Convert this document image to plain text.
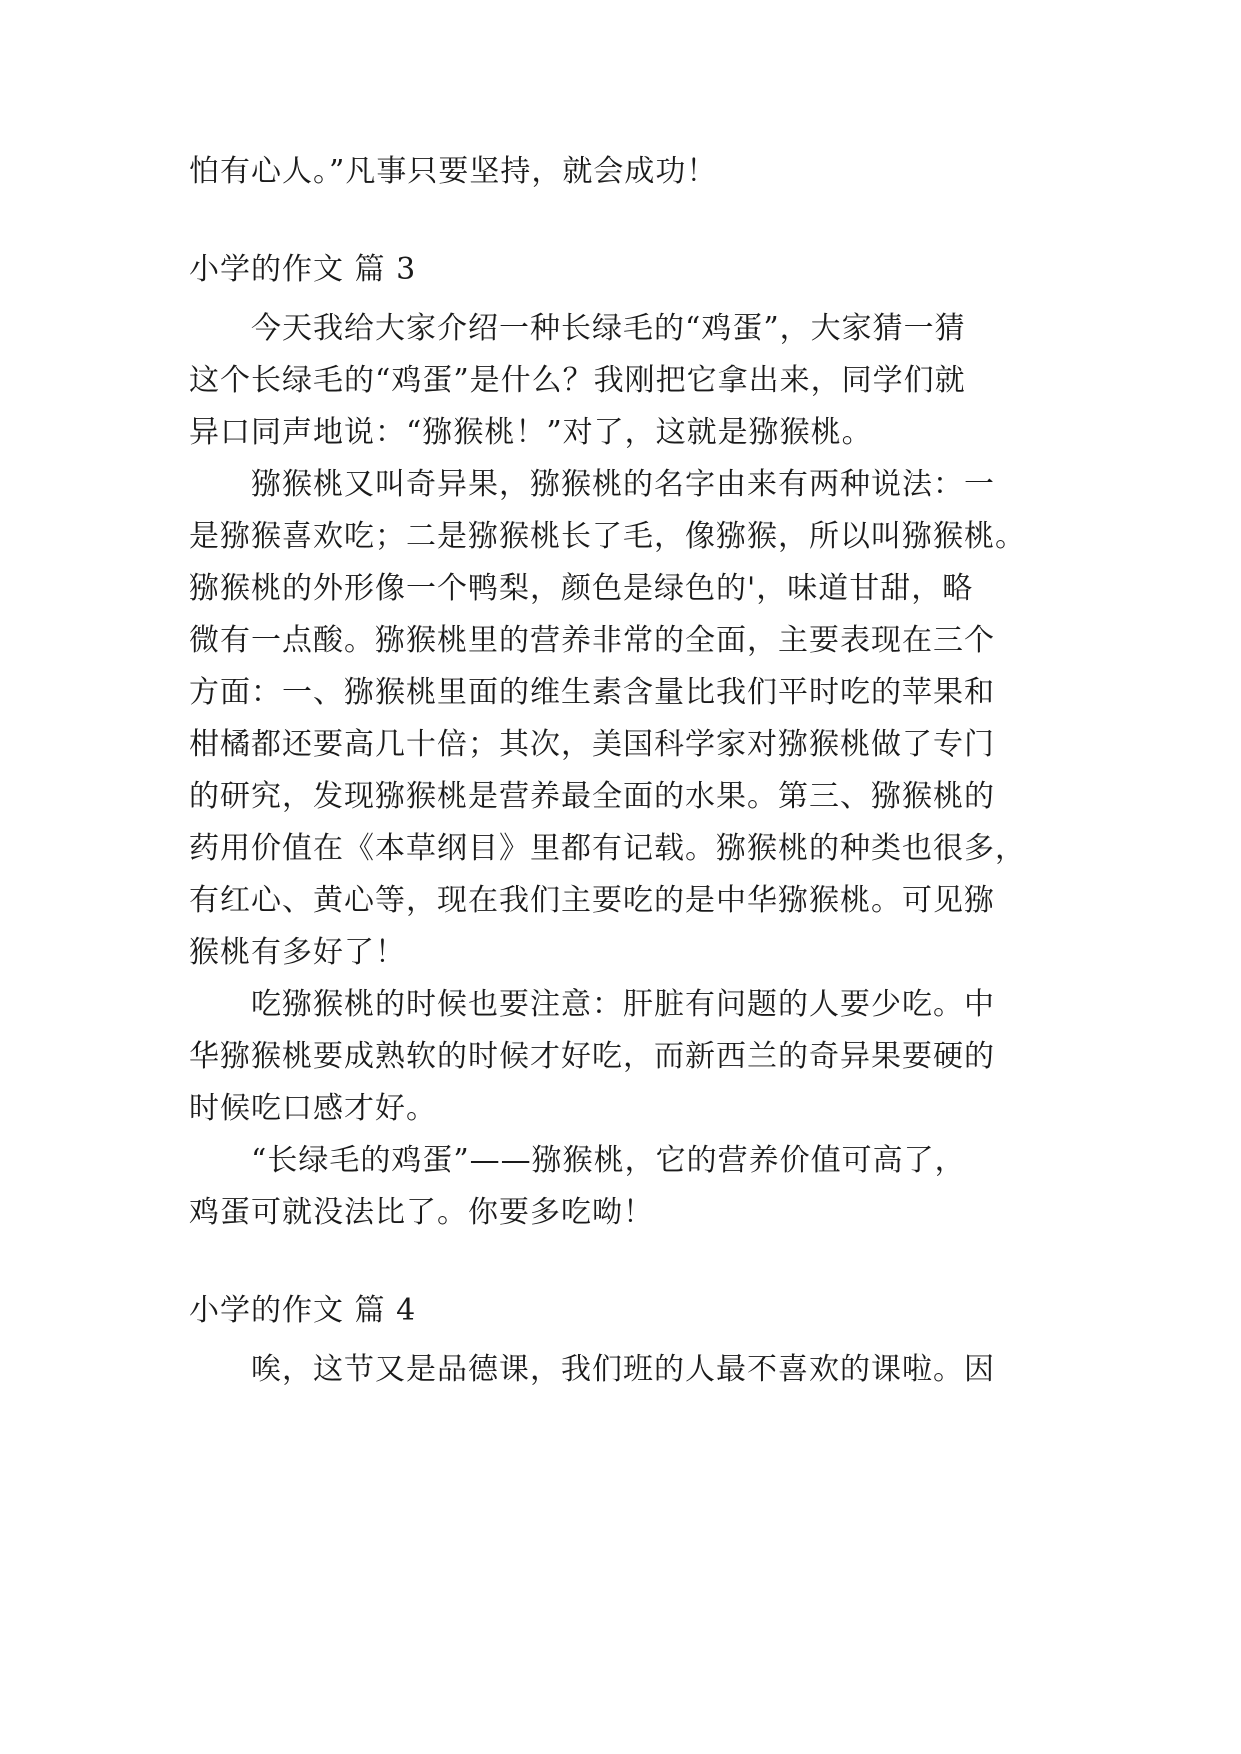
怕有心人。”凡事只要坚持，就会成功！

小学的作文 篇 3

　　今天我给大家介绍一种长绿毛的“鸡蛋”，大家猜一猜

这个长绿毛的“鸡蛋”是什么？我刚把它拿出来，同学们就

异口同声地说：“猕猴桃！”对了，这就是猕猴桃。

　　猕猴桃又叫奇异果，猕猴桃的名字由来有两种说法：一

是猕猴喜欢吃；二是猕猴桃长了毛，像猕猴，所以叫猕猴桃。

猕猴桃的外形像一个鸭梨，颜色是绿色的'，味道甘甜，略

微有一点酸。猕猴桃里的营养非常的全面，主要表现在三个

方面：一、猕猴桃里面的维生素含量比我们平时吃的苹果和

柑橘都还要高几十倍；其次，美国科学家对猕猴桃做了专门

的研究，发现猕猴桃是营养最全面的水果。第三、猕猴桃的

药用价值在《本草纲目》里都有记载。猕猴桃的种类也很多，

有红心、黄心等，现在我们主要吃的是中华猕猴桃。可见猕

猴桃有多好了！

　　吃猕猴桃的时候也要注意：肝脏有问题的人要少吃。中

华猕猴桃要成熟软的时候才好吃，而新西兰的奇异果要硬的

时候吃口感才好。

　　“长绿毛的鸡蛋”——猕猴桃，它的营养价值可高了，

鸡蛋可就没法比了。你要多吃呦！

小学的作文 篇 4

　　唉，这节又是品德课，我们班的人最不喜欢的课啦。因
